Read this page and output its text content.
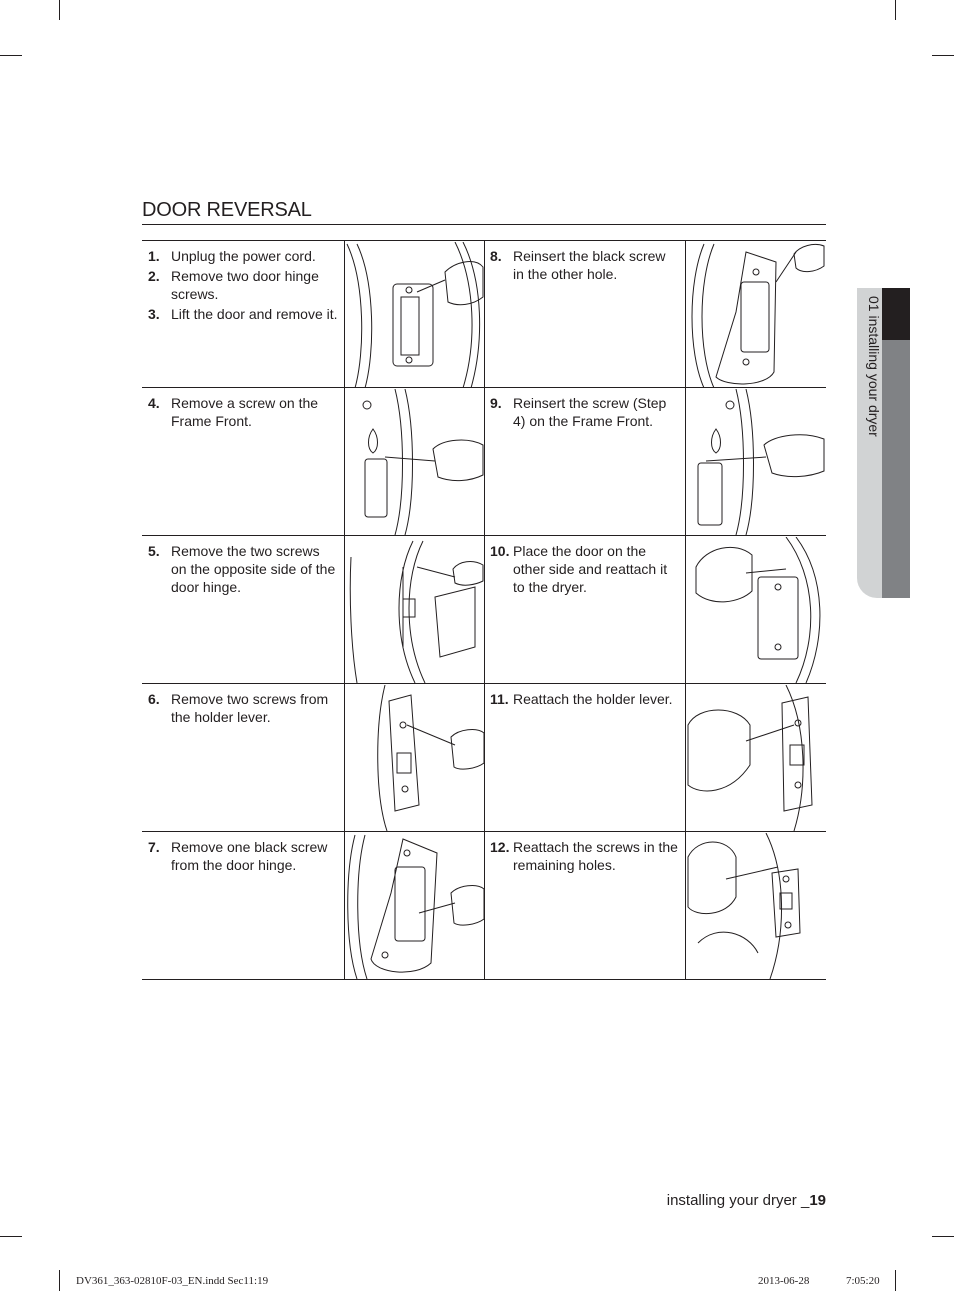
01 installing your dryer
DOOR REVERSAL
1. Unplug the power cord.
2. Remove two door hinge screws.
3. Lift the door and remove it.
8. Reinsert the black screw in the other hole.
4. Remove a screw on the Frame Front.
9. Reinsert the screw (Step 4) on the Frame Front.
5. Remove the two screws on the opposite side of the door hinge.
10. Place the door on the other side and reattach it to the dryer.
6. Remove two screws from the holder lever.
11. Reattach the holder lever.
7. Remove one black screw from the door hinge.
12. Reattach the screws in the remaining holes.
installing your dryer _19
DV361_363-02810F-03_EN.indd Sec11:19	2013-06-28	7:05:20
